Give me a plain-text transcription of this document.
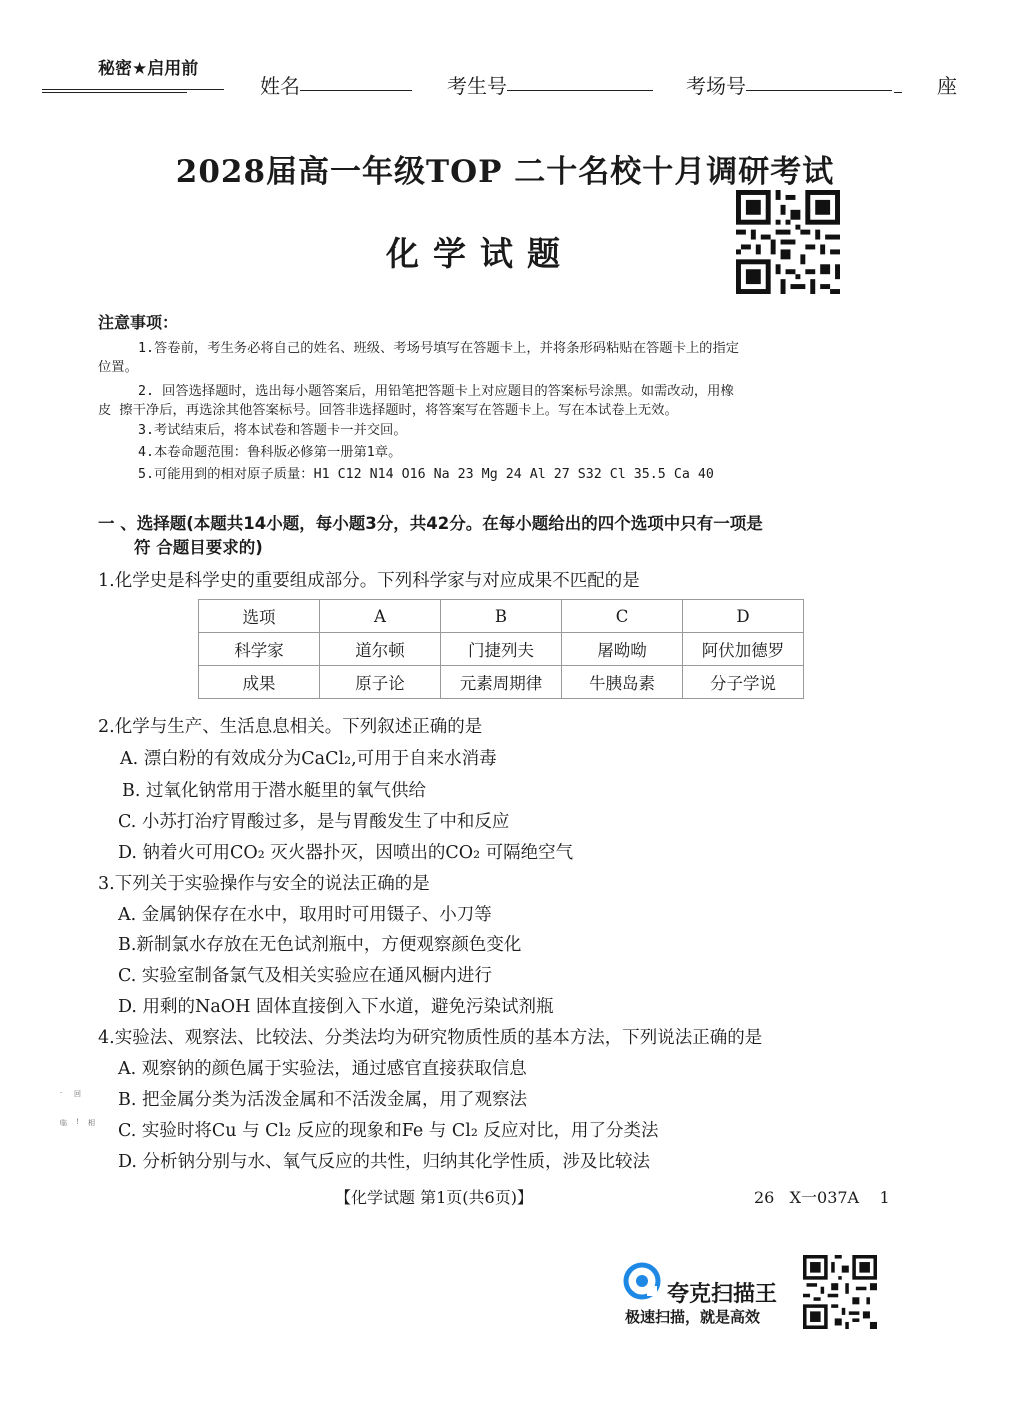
秘密★启用前
姓名	考生号	考场号	座
2028届高一年级TOP 二十名校十月调研考试
化学试题
注意事项：
1.答卷前，考生务必将自己的姓名、班级、考场号填写在答题卡上，并将条形码粘贴在答题卡上的指定
位置。
2. 回答选择题时，选出每小题答案后，用铅笔把答题卡上对应题目的答案标号涂黑。如需改动，用橡
皮 擦干净后，再选涂其他答案标号。回答非选择题时，将答案写在答题卡上。写在本试卷上无效。
3.考试结束后，将本试卷和答题卡一并交回。
4.本卷命题范围：鲁科版必修第一册第1章。
5.可能用到的相对原子质量：H1 C12 N14 O16 Na 23 Mg 24 Al 27 S32 Cl 35.5 Ca 40
一 、选择题(本题共14小题，每小题3分，共42分。在每小题给出的四个选项中只有一项是
符 合题目要求的)
1.化学史是科学史的重要组成部分。下列科学家与对应成果不匹配的是
选项	A	B	C	D
科学家	道尔顿	门捷列夫	屠呦呦	阿伏加德罗
成果	原子论	元素周期律	牛胰岛素	分子学说
2.化学与生产、生活息息相关。下列叙述正确的是
A. 漂白粉的有效成分为CaCl₂,可用于自来水消毒
B. 过氧化钠常用于潜水艇里的氧气供给
C. 小苏打治疗胃酸过多，是与胃酸发生了中和反应
D. 钠着火可用CO₂ 灭火器扑灭，因喷出的CO₂ 可隔绝空气
3.下列关于实验操作与安全的说法正确的是
A. 金属钠保存在水中，取用时可用镊子、小刀等
B.新制氯水存放在无色试剂瓶中，方便观察颜色变化
C. 实验室制备氯气及相关实验应在通风橱内进行
D. 用剩的NaOH 固体直接倒入下水道，避免污染试剂瓶
4.实验法、观察法、比较法、分类法均为研究物质性质的基本方法，下列说法正确的是
A. 观察钠的颜色属于实验法，通过感官直接获取信息
B. 把金属分类为活泼金属和不活泼金属，用了观察法
C. 实验时将Cu 与 Cl₂ 反应的现象和Fe 与 Cl₂ 反应对比，用了分类法
D. 分析钠分别与水、氧气反应的共性，归纳其化学性质，涉及比较法
· 回
临 ! 相
【化学试题 第1页(共6页)】	26   X一037A    1
夸克扫描王
极速扫描，就是高效
